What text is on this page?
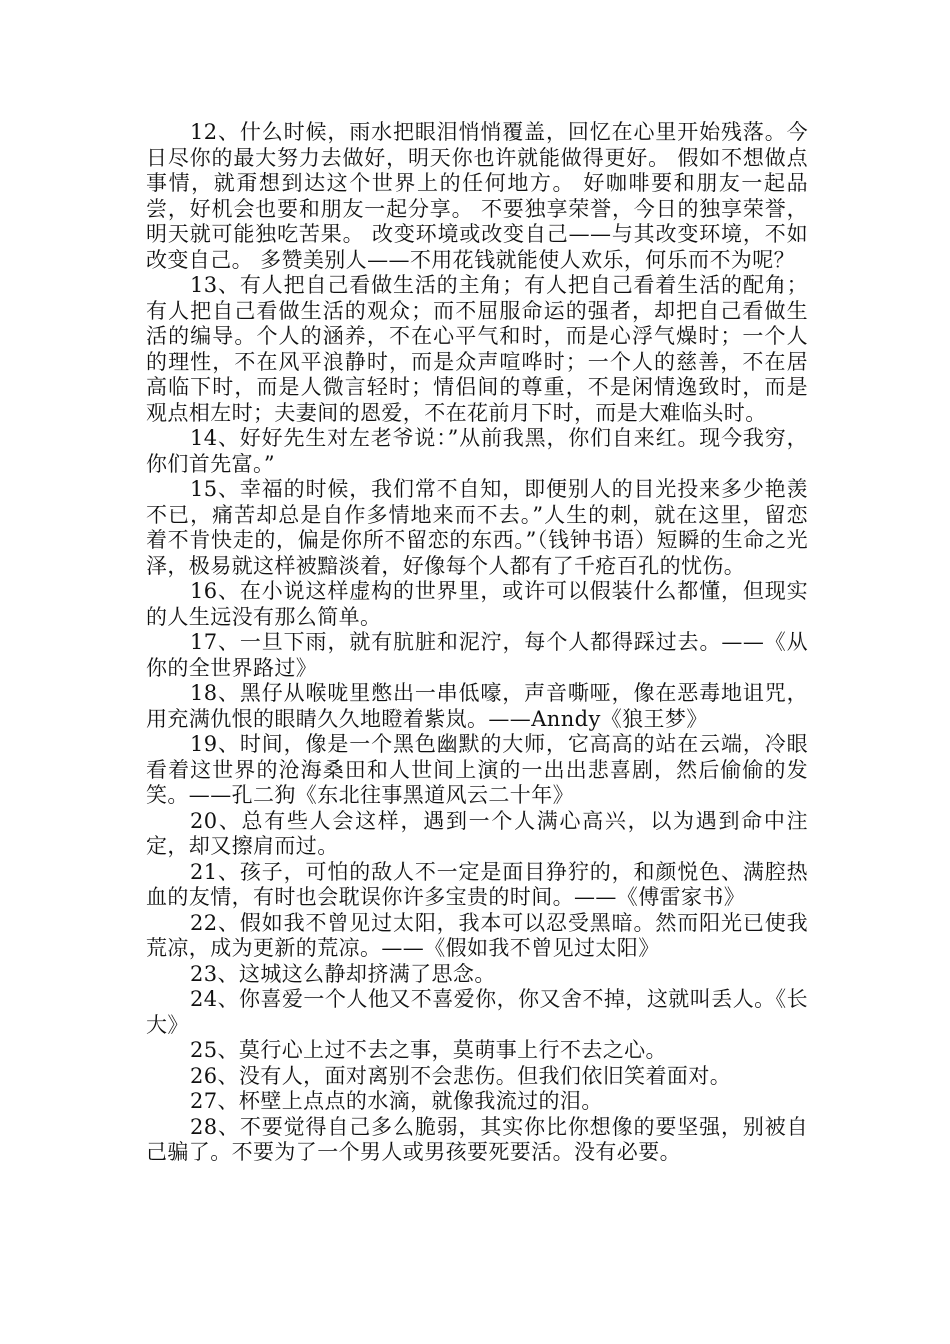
12、什么时候，雨水把眼泪悄悄覆盖，回忆在心里开始残落。今日尽你的最大努力去做好，明天你也许就能做得更好。 假如不想做点事情，就甭想到达这个世界上的任何地方。 好咖啡要和朋友一起品尝，好机会也要和朋友一起分享。 不要独享荣誉，今日的独享荣誉，明天就可能独吃苦果。 改变环境或改变自己——与其改变环境，不如改变自己。 多赞美别人——不用花钱就能使人欢乐，何乐而不为呢？

13、有人把自己看做生活的主角；有人把自己看着生活的配角；有人把自己看做生活的观众；而不屈服命运的强者，却把自己看做生活的编导。个人的涵养，不在心平气和时，而是心浮气燥时；一个人的理性，不在风平浪静时，而是众声喧哗时；一个人的慈善，不在居高临下时，而是人微言轻时；情侣间的尊重，不是闲情逸致时，而是观点相左时；夫妻间的恩爱，不在花前月下时，而是大难临头时。

14、好好先生对左老爷说：”从前我黑，你们自来红。现今我穷，你们首先富。”

15、幸福的时候，我们常不自知，即便别人的目光投来多少艳羡不已，痛苦却总是自作多情地来而不去。”人生的刺，就在这里，留恋着不肯快走的，偏是你所不留恋的东西。”（钱钟书语）短瞬的生命之光泽，极易就这样被黯淡着，好像每个人都有了千疮百孔的忧伤。

16、在小说这样虚构的世界里，或许可以假装什么都懂，但现实的人生远没有那么简单。

17、一旦下雨，就有肮脏和泥泞，每个人都得踩过去。——《从你的全世界路过》

18、黑仔从喉咙里憋出一串低嚎，声音嘶哑，像在恶毒地诅咒，用充满仇恨的眼睛久久地瞪着紫岚。——Anndy《狼王梦》

19、时间，像是一个黑色幽默的大师，它高高的站在云端，冷眼看着这世界的沧海桑田和人世间上演的一出出悲喜剧，然后偷偷的发笑。——孔二狗《东北往事黑道风云二十年》

20、总有些人会这样，遇到一个人满心高兴，以为遇到命中注定，却又擦肩而过。

21、孩子，可怕的敌人不一定是面目狰狞的，和颜悦色、满腔热血的友情，有时也会耽误你许多宝贵的时间。——《傅雷家书》

22、假如我不曾见过太阳，我本可以忍受黑暗。然而阳光已使我荒凉，成为更新的荒凉。——《假如我不曾见过太阳》

23、这城这么静却挤满了思念。

24、你喜爱一个人他又不喜爱你，你又舍不掉，这就叫丢人。《长大》

25、莫行心上过不去之事，莫萌事上行不去之心。

26、没有人，面对离别不会悲伤。但我们依旧笑着面对。

27、杯壁上点点的水滴，就像我流过的泪。

28、不要觉得自己多么脆弱，其实你比你想像的要坚强，别被自己骗了。不要为了一个男人或男孩要死要活。没有必要。
